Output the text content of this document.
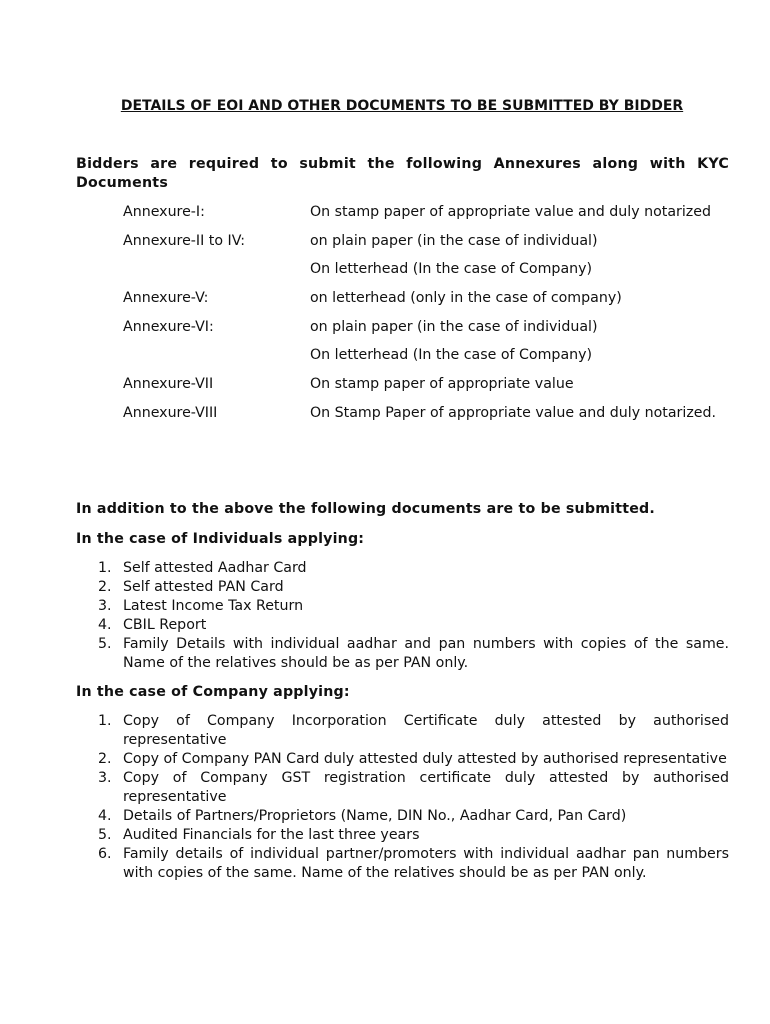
DETAILS OF EOI AND OTHER DOCUMENTS TO BE SUBMITTED BY BIDDER
Bidders are required to submit the following Annexures along with KYC Documents
Annexure-I:	On stamp paper of appropriate value and duly notarized
Annexure-II to IV:	on plain paper (in the case of individual)
On letterhead (In the case of Company)
Annexure-V:	on letterhead (only in the case of company)
Annexure-VI:	on plain paper (in the case of individual)
On letterhead (In the case of Company)
Annexure-VII	On stamp paper of appropriate value
Annexure-VIII	On Stamp Paper of appropriate value and duly notarized.
In addition to the above the following documents are to be submitted.
In the case of Individuals applying:
1. Self attested Aadhar Card
2. Self attested PAN Card
3. Latest Income Tax Return
4. CBIL Report
5. Family Details with individual aadhar and pan numbers with copies of the same. Name of the relatives should be as per PAN only.
In the case of Company applying:
1. Copy of Company Incorporation Certificate duly attested by authorised representative
2. Copy of Company PAN Card duly attested duly attested by authorised representative
3. Copy of Company GST registration certificate duly attested by authorised representative
4. Details of Partners/Proprietors (Name, DIN No., Aadhar Card, Pan Card)
5. Audited Financials for the last three years
6. Family details of individual partner/promoters with individual aadhar pan numbers with copies of the same. Name of the relatives should be as per PAN only.
